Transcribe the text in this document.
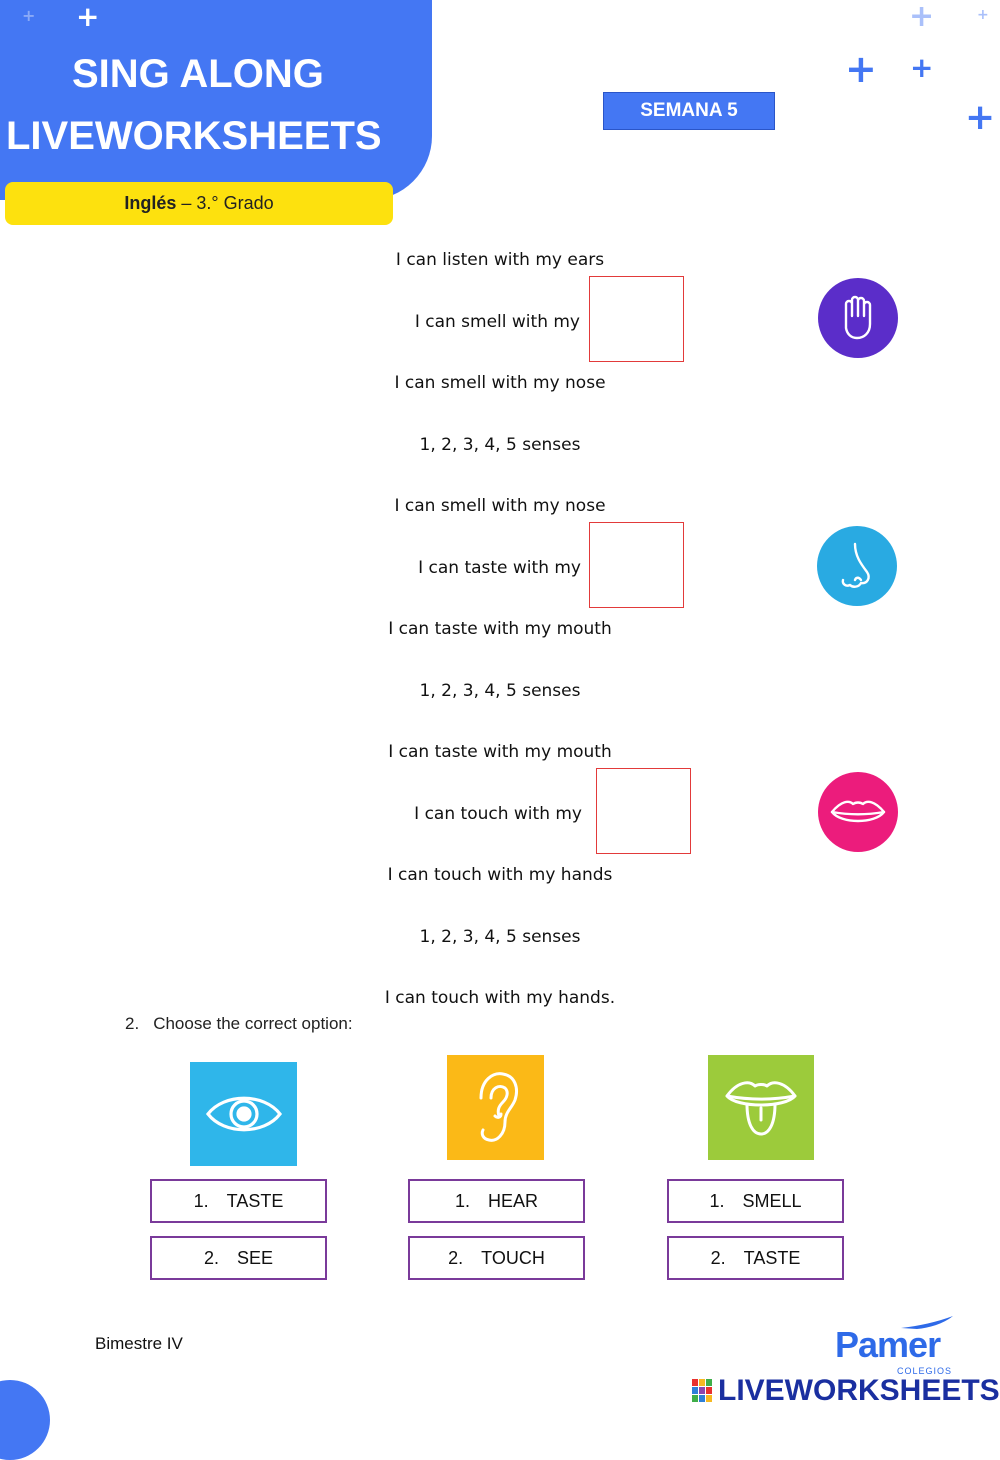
SING ALONG
LIVEWORKSHEETS
Inglés – 3.° Grado
SEMANA 5
+ +	+	+
+ +
+
I can listen with my ears
I can smell with my
I can smell with my nose
1, 2, 3, 4, 5 senses
I can smell with my nose
I can taste with my
I can taste with my mouth
1, 2, 3, 4, 5 senses
I can taste with my mouth
I can touch with my
I can touch with my hands
1, 2, 3, 4, 5 senses
I can touch with my hands.
2. Choose the correct option:
1. TASTE
2. SEE
1. HEAR
2. TOUCH
1. SMELL
2. TASTE
Bimestre IV	Pamer
COLEGIOS
LIVEWORKSHEETS
